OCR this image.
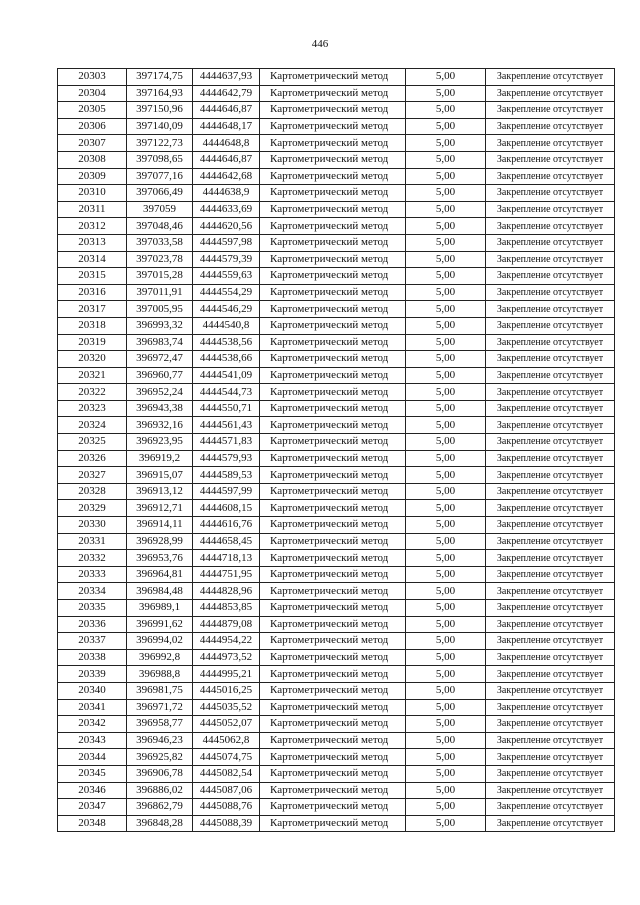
446
20303	397174,75	4444637,93	Картометрический метод	5,00	Закрепление отсутствует
20304	397164,93	4444642,79	Картометрический метод	5,00	Закрепление отсутствует
20305	397150,96	4444646,87	Картометрический метод	5,00	Закрепление отсутствует
20306	397140,09	4444648,17	Картометрический метод	5,00	Закрепление отсутствует
20307	397122,73	4444648,8	Картометрический метод	5,00	Закрепление отсутствует
20308	397098,65	4444646,87	Картометрический метод	5,00	Закрепление отсутствует
20309	397077,16	4444642,68	Картометрический метод	5,00	Закрепление отсутствует
20310	397066,49	4444638,9	Картометрический метод	5,00	Закрепление отсутствует
20311	397059	4444633,69	Картометрический метод	5,00	Закрепление отсутствует
20312	397048,46	4444620,56	Картометрический метод	5,00	Закрепление отсутствует
20313	397033,58	4444597,98	Картометрический метод	5,00	Закрепление отсутствует
20314	397023,78	4444579,39	Картометрический метод	5,00	Закрепление отсутствует
20315	397015,28	4444559,63	Картометрический метод	5,00	Закрепление отсутствует
20316	397011,91	4444554,29	Картометрический метод	5,00	Закрепление отсутствует
20317	397005,95	4444546,29	Картометрический метод	5,00	Закрепление отсутствует
20318	396993,32	4444540,8	Картометрический метод	5,00	Закрепление отсутствует
20319	396983,74	4444538,56	Картометрический метод	5,00	Закрепление отсутствует
20320	396972,47	4444538,66	Картометрический метод	5,00	Закрепление отсутствует
20321	396960,77	4444541,09	Картометрический метод	5,00	Закрепление отсутствует
20322	396952,24	4444544,73	Картометрический метод	5,00	Закрепление отсутствует
20323	396943,38	4444550,71	Картометрический метод	5,00	Закрепление отсутствует
20324	396932,16	4444561,43	Картометрический метод	5,00	Закрепление отсутствует
20325	396923,95	4444571,83	Картометрический метод	5,00	Закрепление отсутствует
20326	396919,2	4444579,93	Картометрический метод	5,00	Закрепление отсутствует
20327	396915,07	4444589,53	Картометрический метод	5,00	Закрепление отсутствует
20328	396913,12	4444597,99	Картометрический метод	5,00	Закрепление отсутствует
20329	396912,71	4444608,15	Картометрический метод	5,00	Закрепление отсутствует
20330	396914,11	4444616,76	Картометрический метод	5,00	Закрепление отсутствует
20331	396928,99	4444658,45	Картометрический метод	5,00	Закрепление отсутствует
20332	396953,76	4444718,13	Картометрический метод	5,00	Закрепление отсутствует
20333	396964,81	4444751,95	Картометрический метод	5,00	Закрепление отсутствует
20334	396984,48	4444828,96	Картометрический метод	5,00	Закрепление отсутствует
20335	396989,1	4444853,85	Картометрический метод	5,00	Закрепление отсутствует
20336	396991,62	4444879,08	Картометрический метод	5,00	Закрепление отсутствует
20337	396994,02	4444954,22	Картометрический метод	5,00	Закрепление отсутствует
20338	396992,8	4444973,52	Картометрический метод	5,00	Закрепление отсутствует
20339	396988,8	4444995,21	Картометрический метод	5,00	Закрепление отсутствует
20340	396981,75	4445016,25	Картометрический метод	5,00	Закрепление отсутствует
20341	396971,72	4445035,52	Картометрический метод	5,00	Закрепление отсутствует
20342	396958,77	4445052,07	Картометрический метод	5,00	Закрепление отсутствует
20343	396946,23	4445062,8	Картометрический метод	5,00	Закрепление отсутствует
20344	396925,82	4445074,75	Картометрический метод	5,00	Закрепление отсутствует
20345	396906,78	4445082,54	Картометрический метод	5,00	Закрепление отсутствует
20346	396886,02	4445087,06	Картометрический метод	5,00	Закрепление отсутствует
20347	396862,79	4445088,76	Картометрический метод	5,00	Закрепление отсутствует
20348	396848,28	4445088,39	Картометрический метод	5,00	Закрепление отсутствует
